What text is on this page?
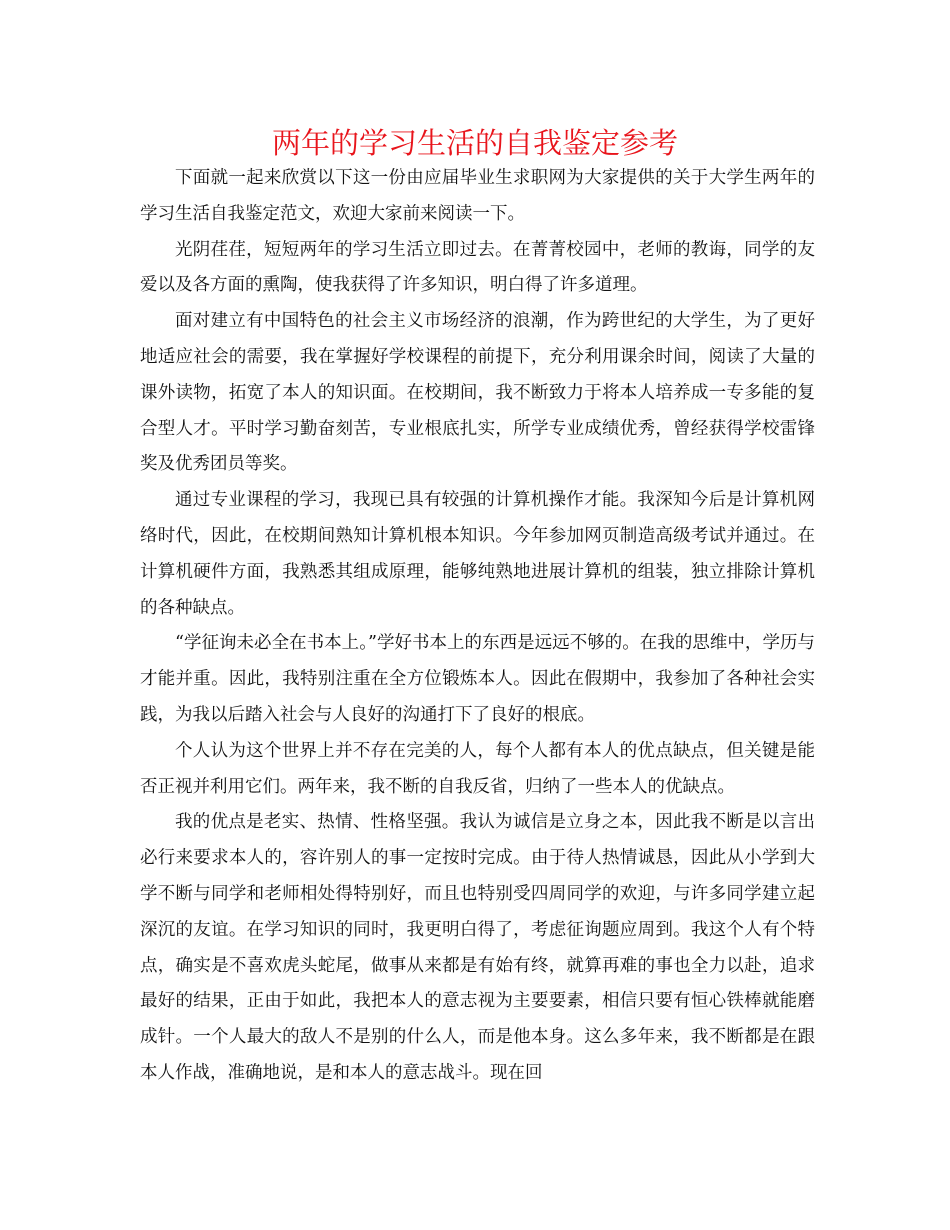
两年的学习生活的自我鉴定参考

下面就一起来欣赏以下这一份由应届毕业生求职网为大家提供的关于大学生两年的学习生活自我鉴定范文，欢迎大家前来阅读一下。

光阴荏荏，短短两年的学习生活立即过去。在菁菁校园中，老师的教诲，同学的友爱以及各方面的熏陶，使我获得了许多知识，明白得了许多道理。

面对建立有中国特色的社会主义市场经济的浪潮，作为跨世纪的大学生，为了更好地适应社会的需要，我在掌握好学校课程的前提下，充分利用课余时间，阅读了大量的课外读物，拓宽了本人的知识面。在校期间，我不断致力于将本人培养成一专多能的复合型人才。平时学习勤奋刻苦，专业根底扎实，所学专业成绩优秀，曾经获得学校雷锋奖及优秀团员等奖。

通过专业课程的学习，我现已具有较强的计算机操作才能。我深知今后是计算机网络时代，因此，在校期间熟知计算机根本知识。今年参加网页制造高级考试并通过。在计算机硬件方面，我熟悉其组成原理，能够纯熟地进展计算机的组装，独立排除计算机的各种缺点。

“学征询未必全在书本上。”学好书本上的东西是远远不够的。在我的思维中，学历与才能并重。因此，我特别注重在全方位锻炼本人。因此在假期中，我参加了各种社会实践，为我以后踏入社会与人良好的沟通打下了良好的根底。

个人认为这个世界上并不存在完美的人，每个人都有本人的优点缺点，但关键是能否正视并利用它们。两年来，我不断的自我反省，归纳了一些本人的优缺点。

我的优点是老实、热情、性格坚强。我认为诚信是立身之本，因此我不断是以言出必行来要求本人的，容许别人的事一定按时完成。由于待人热情诚恳，因此从小学到大学不断与同学和老师相处得特别好，而且也特别受四周同学的欢迎，与许多同学建立起深沉的友谊。在学习知识的同时，我更明白得了，考虑征询题应周到。我这个人有个特点，确实是不喜欢虎头蛇尾，做事从来都是有始有终，就算再难的事也全力以赴，追求最好的结果，正由于如此，我把本人的意志视为主要要素，相信只要有恒心铁棒就能磨成针。一个人最大的敌人不是别的什么人，而是他本身。这么多年来，我不断都是在跟本人作战，准确地说，是和本人的意志战斗。现在回
